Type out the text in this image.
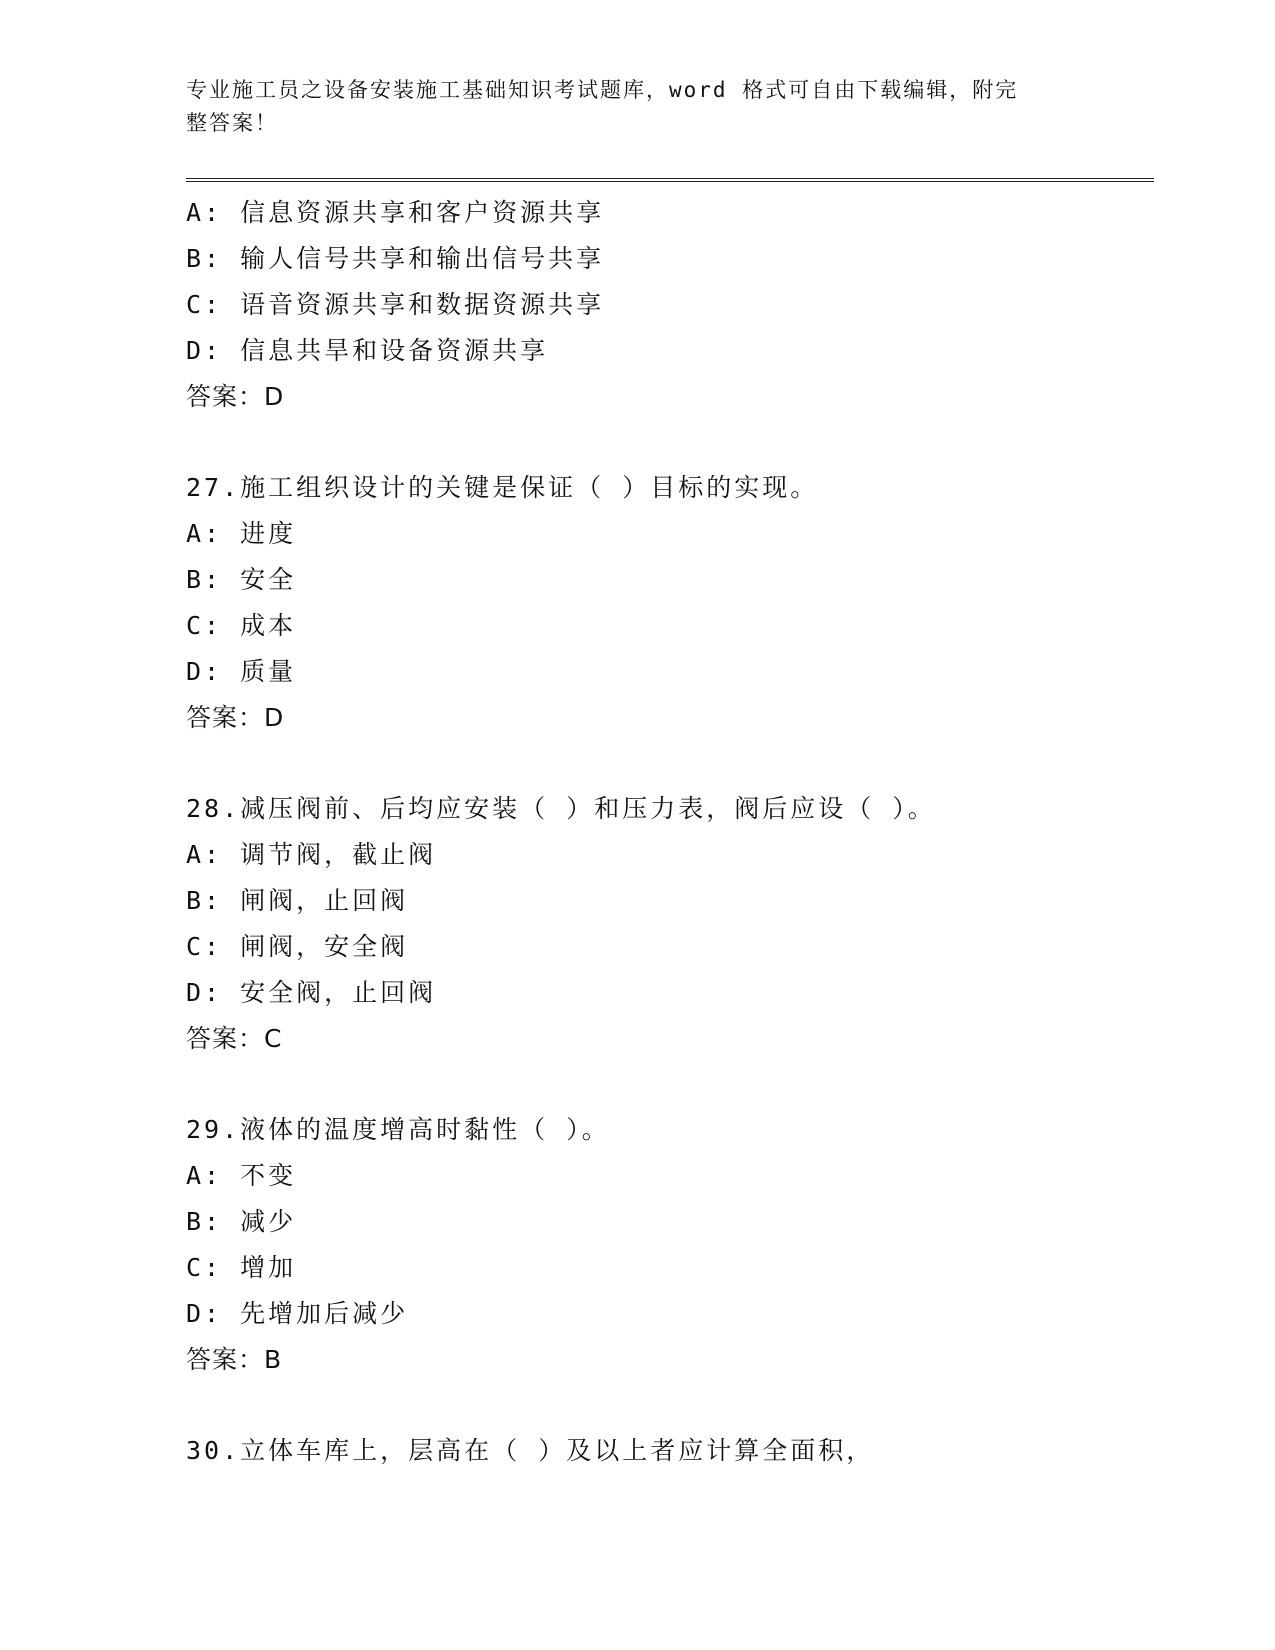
专业施工员之设备安装施工基础知识考试题库，word 格式可自由下载编辑，附完
整答案！
A: 信息资源共享和客户资源共享
B: 输人信号共享和输出信号共享
C: 语音资源共享和数据资源共享
D: 信息共旱和设备资源共享
答案：D
27.施工组织设计的关键是保证（ ）目标的实现。
A: 进度
B: 安全
C: 成本
D: 质量
答案：D
28.减压阀前、后均应安装（ ）和压力表，阀后应设（ ）。
A: 调节阀，截止阀
B: 闸阀，止回阀
C: 闸阀，安全阀
D: 安全阀，止回阀
答案：C
29.液体的温度增高时黏性（ ）。
A: 不变
B: 减少
C: 增加
D: 先增加后减少
答案：B
30.立体车库上，层高在（ ）及以上者应计算全面积，
